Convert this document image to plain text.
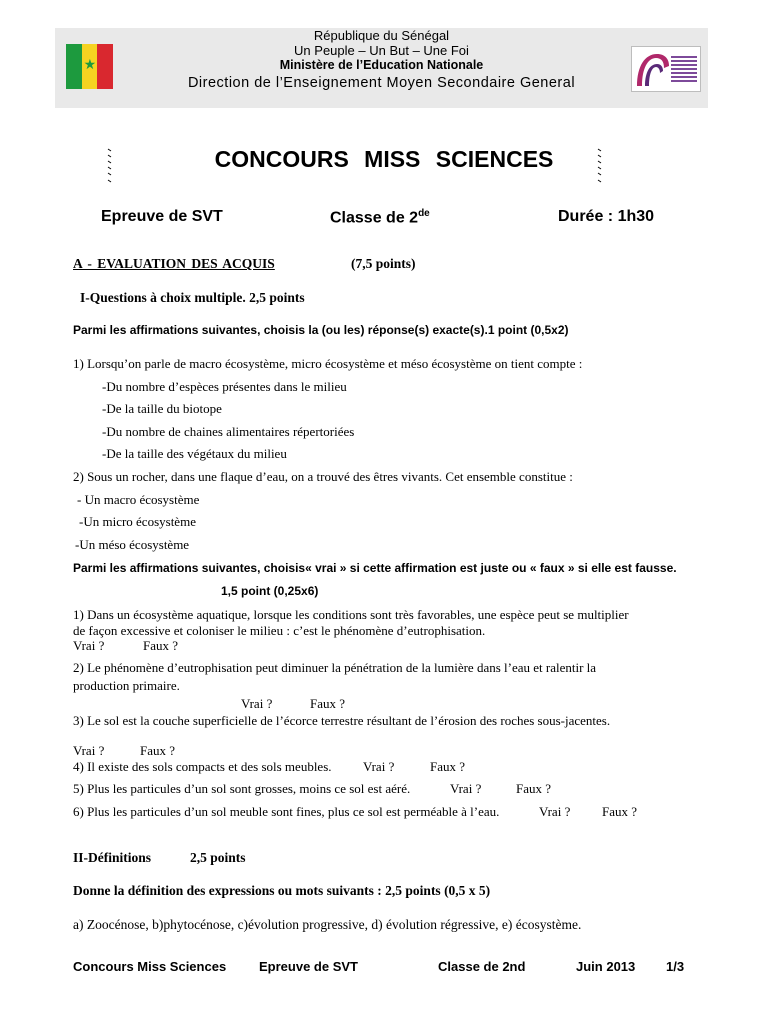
République du Sénégal
Un Peuple – Un But – Une Foi
Ministère de l’Education Nationale
Direction de l’Enseignement Moyen Secondaire General
★
CONCOURS MISS SCIENCES
Epreuve de SVT	Classe de 2de	Durée : 1h30
A - EVALUATION DES ACQUIS	(7,5 points)
I-Questions à choix multiple. 2,5 points
Parmi les affirmations suivantes, choisis la (ou les) réponse(s) exacte(s).1 point (0,5x2)
1) Lorsqu’on parle de macro écosystème, micro écosystème et méso écosystème on tient compte :
-Du nombre d’espèces présentes dans le milieu
-De la taille du biotope
-Du nombre de chaines alimentaires répertoriées
-De la taille des végétaux du milieu
2) Sous un rocher, dans une flaque d’eau, on a trouvé des êtres vivants. Cet ensemble constitue :
- Un macro écosystème
-Un micro écosystème
-Un méso écosystème
Parmi les affirmations suivantes, choisis« vrai » si cette affirmation est juste ou « faux » si elle est fausse.
1,5 point (0,25x6)
1) Dans un écosystème aquatique, lorsque les conditions sont très favorables, une espèce peut se multiplier
de façon excessive et coloniser le milieu : c’est le phénomène d’eutrophisation.
Vrai ?	Faux ?
2) Le phénomène d’eutrophisation peut diminuer la pénétration de la lumière dans l’eau et ralentir la
production primaire.
Vrai ?	Faux ?
3) Le sol est la couche superficielle de l’écorce terrestre résultant de l’érosion des roches sous-jacentes.
Vrai ?	Faux ?
4) Il existe des sols compacts et des sols meubles. Vrai ?	Faux ?
5) Plus les particules d’un sol sont grosses, moins ce sol est aéré.	Vrai ?	Faux ?
6) Plus les particules d’un sol meuble sont fines, plus ce sol est perméable à l’eau.	Vrai ? Faux ?
II-Définitions	2,5 points
Donne la définition des expressions ou mots suivants : 2,5 points (0,5 x 5)
a) Zoocénose, b)phytocénose, c)évolution progressive, d) évolution régressive, e) écosystème.
Concours Miss Sciences	Epreuve de SVT	Classe de 2nd	Juin 2013 1/3
